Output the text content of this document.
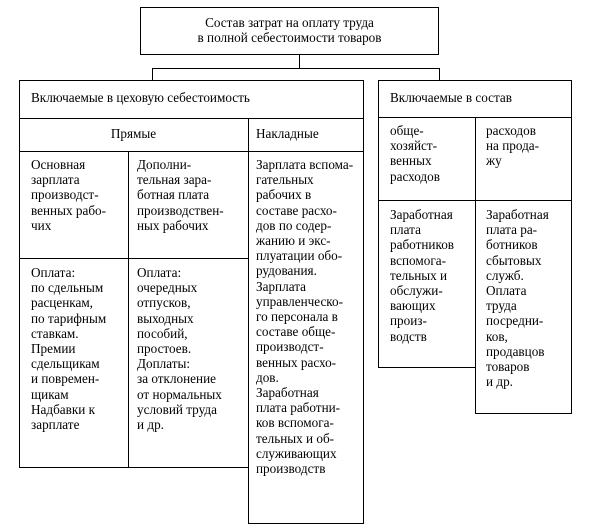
Состав затрат на оплату труда
в полной себестоимости товаров
Включаемые в цеховую себестоимость
Прямые	Накладные
Зарплата вспома-
гательных
рабочих в
составе расхо-
дов по содер-
жанию и экс-
плуатации обо-
рудования.
Зарплата
управленческо-
го персонала в
составе обще-
производст-
венных расхо-
дов.
Заработная
плата работни-
ков вспомога-
тельных и об-
служивающих
производств
Основная
зарплата
производст-
венных рабо-
чих
Дополни-
тельная зара-
ботная плата
производствен-
ных рабочих
Оплата:
по сдельным
расценкам,
по тарифным
ставкам.
Премии
сдельщикам
и повремен-
щикам
Надбавки к
зарплате
Оплата:
очередных
отпусков,
выходных
пособий,
простоев.
Доплаты:
за отклонение
от нормальных
условий труда
и др.
Включаемые в состав
обще-
хозяйст-
венных
расходов
Заработная
плата
работников
вспомога-
тельных и
обслужи-
вающих
произ-
водств
расходов
на прода-
жу
Заработная
плата ра-
ботников
сбытовых
служб.
Оплата
труда
посредни-
ков,
продавцов
товаров
и др.
